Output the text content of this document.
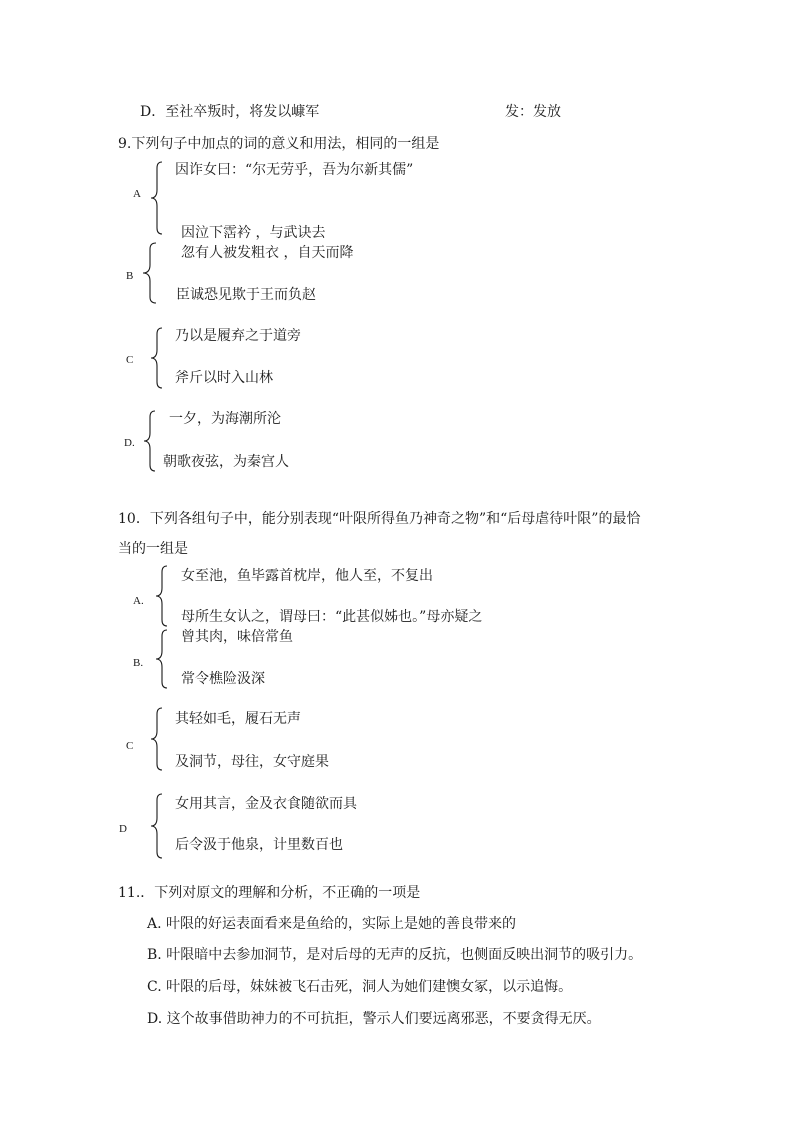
D．至社卒叛时，将发以嵻军	发：发放
9.下列句子中加点的词的意义和用法，相同的一组是
A
因诈女曰：“尔无劳乎，吾为尔新其儒”
因泣下霑衿 ，与武诀去
B
忽有人被发粗衣 ，自天而降
臣诚恐见欺于王而负赵
C
乃以是履弃之于道旁
斧斤以时入山林
D.
一夕，为海潮所沦
朝歌夜弦，为秦宫人
10．下列各组句子中，能分别表现“叶限所得鱼乃神奇之物”和“后母虐待叶限”的最恰
当的一组是
A.
女至池，鱼毕露首枕岸，他人至，不复出
母所生女认之，谓母曰：“此甚似姊也。”母亦疑之
B.
曾其肉，味倍常鱼
常令樵险汲深
C
其轻如毛，履石无声
及洞节，母往，女守庭果
D
女用其言，金及衣食随欲而具
后令汲于他泉，计里数百也
11.．下列对原文的理解和分析，不正确的一项是
A. 叶限的好运表面看来是鱼给的，实际上是她的善良带来的
B. 叶限暗中去参加洞节，是对后母的无声的反抗，也侧面反映出洞节的吸引力。
C. 叶限的后母，妹妹被飞石击死，洞人为她们建懊女冢，以示追悔。
D. 这个故事借助神力的不可抗拒，警示人们要远离邪恶，不要贪得无厌。
